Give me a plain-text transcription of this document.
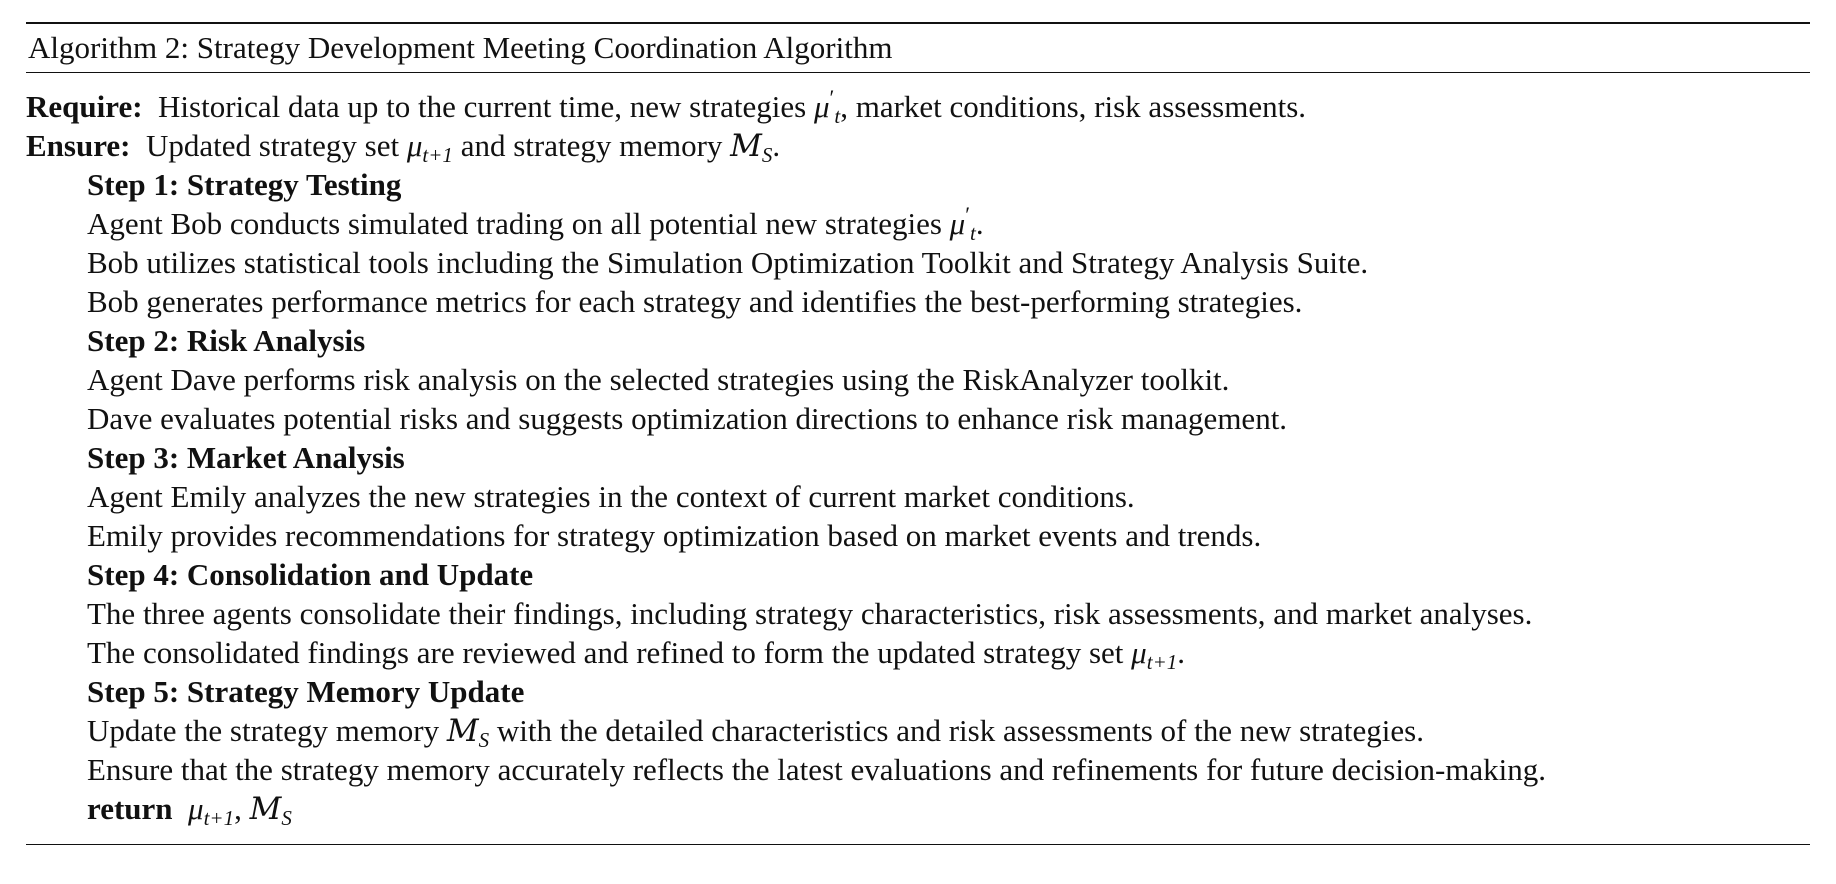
Algorithm 2: Strategy Development Meeting Coordination Algorithm
Require: Historical data up to the current time, new strategies $\mu'_t$, market conditions, risk assessments.
Ensure: Updated strategy set $\mu_{t+1}$ and strategy memory $M_S$.
Step 1: Strategy Testing
Agent Bob conducts simulated trading on all potential new strategies $\mu'_t$.
Bob utilizes statistical tools including the Simulation Optimization Toolkit and Strategy Analysis Suite.
Bob generates performance metrics for each strategy and identifies the best-performing strategies.
Step 2: Risk Analysis
Agent Dave performs risk analysis on the selected strategies using the RiskAnalyzer toolkit.
Dave evaluates potential risks and suggests optimization directions to enhance risk management.
Step 3: Market Analysis
Agent Emily analyzes the new strategies in the context of current market conditions.
Emily provides recommendations for strategy optimization based on market events and trends.
Step 4: Consolidation and Update
The three agents consolidate their findings, including strategy characteristics, risk assessments, and market analyses.
The consolidated findings are reviewed and refined to form the updated strategy set $\mu_{t+1}$.
Step 5: Strategy Memory Update
Update the strategy memory $M_S$ with the detailed characteristics and risk assessments of the new strategies.
Ensure that the strategy memory accurately reflects the latest evaluations and refinements for future decision-making.
return $\mu_{t+1}$, $M_S$
